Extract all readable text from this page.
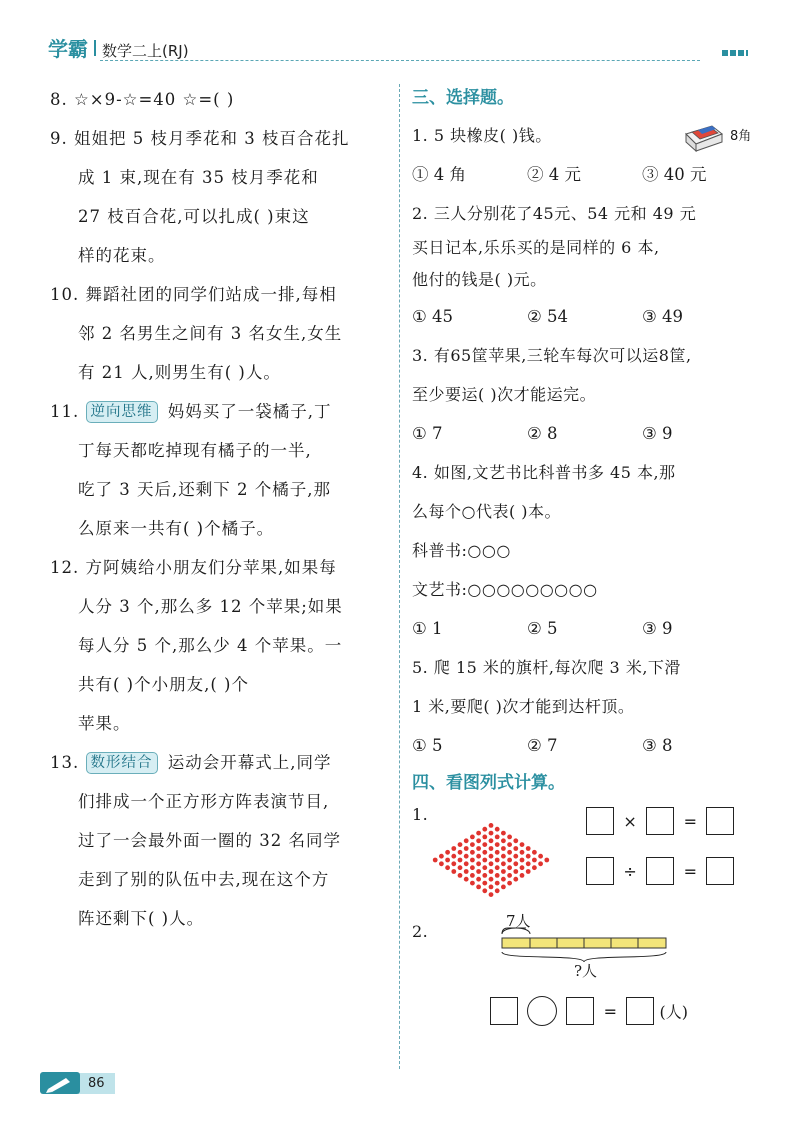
学霸 数学二上(RJ)
8. ☆×9-☆=40 ☆=( )
9. 姐姐把 5 枝月季花和 3 枝百合花扎
成 1 束,现在有 35 枝月季花和
27 枝百合花,可以扎成( )束这
样的花束。
10. 舞蹈社团的同学们站成一排,每相
邻 2 名男生之间有 3 名女生,女生
有 21 人,则男生有( )人。
11. 逆向思维 妈妈买了一袋橘子,丁
丁每天都吃掉现有橘子的一半,
吃了 3 天后,还剩下 2 个橘子,那
么原来一共有( )个橘子。
12. 方阿姨给小朋友们分苹果,如果每
人分 3 个,那么多 12 个苹果;如果
每人分 5 个,那么少 4 个苹果。一
共有( )个小朋友,( )个
苹果。
13. 数形结合 运动会开幕式上,同学
们排成一个正方形方阵表演节目,
过了一会最外面一圈的 32 名同学
走到了别的队伍中去,现在这个方
阵还剩下( )人。
三、选择题。
1. 5 块橡皮( )钱。
① 4 角	② 4 元	③ 40 元
8角
2. 三人分别花了45元、54 元和 49 元
买日记本,乐乐买的是同样的 6 本,
他付的钱是( )元。
① 45	② 54	③ 49
3. 有65筐苹果,三轮车每次可以运8筐,
至少要运( )次才能运完。
① 7	② 8	③ 9
4. 如图,文艺书比科普书多 45 本,那
么每个○代表( )本。
科普书:○○○
文艺书:○○○○○○○○○
① 1	② 5	③ 9
5. 爬 15 米的旗杆,每次爬 3 米,下滑
1 米,要爬( )次才能到达杆顶。
① 5	② 7	③ 8
四、看图列式计算。
1.	×	=
÷	=
2.
7人
?人
=	(人)
86
